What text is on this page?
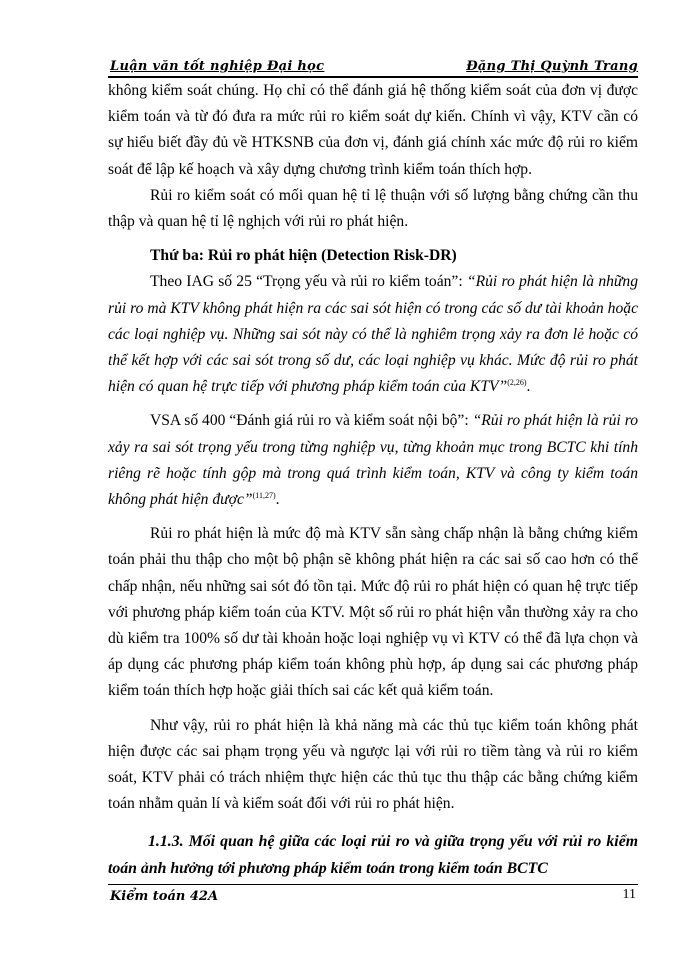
Luận văn tốt nghiệp Đại học	Đặng Thị Quỳnh Trang

không kiểm soát chúng. Họ chỉ có thể đánh giá hệ thống kiểm soát của đơn vị được kiểm toán và từ đó đưa ra mức rủi ro kiểm soát dự kiến. Chính vì vậy, KTV cần có sự hiểu biết đầy đủ về HTKSNB của đơn vị, đánh giá chính xác mức độ rủi ro kiểm soát để lập kế hoạch và xây dựng chương trình kiểm toán thích hợp.

Rủi ro kiểm soát có mối quan hệ tỉ lệ thuận với số lượng bằng chứng cần thu thập và quan hệ tỉ lệ nghịch với rủi ro phát hiện.

Thứ ba: Rủi ro phát hiện (Detection Risk-DR)

Theo IAG số 25 “Trọng yếu và rủi ro kiểm toán”: “Rủi ro phát hiện là những rủi ro mà KTV không phát hiện ra các sai sót hiện có trong các số dư tài khoản hoặc các loại nghiệp vụ. Những sai sót này có thể là nghiêm trọng xảy ra đơn lẻ hoặc có thể kết hợp với các sai sót trong số dư, các loại nghiệp vụ khác. Mức độ rủi ro phát hiện có quan hệ trực tiếp với phương pháp kiểm toán của KTV”$^{(2,26)}$.

VSA số 400 “Đánh giá rủi ro và kiểm soát nội bộ”: “Rủi ro phát hiện là rủi ro xảy ra sai sót trọng yếu trong từng nghiệp vụ, từng khoản mục trong BCTC khi tính riêng rẽ hoặc tính gộp mà trong quá trình kiểm toán, KTV và công ty kiểm toán không phát hiện được”$^{(11,27)}$.

Rủi ro phát hiện là mức độ mà KTV sẵn sàng chấp nhận là bằng chứng kiểm toán phải thu thập cho một bộ phận sẽ không phát hiện ra các sai số cao hơn có thể chấp nhận, nếu những sai sót đó tồn tại. Mức độ rủi ro phát hiện có quan hệ trực tiếp với phương pháp kiểm toán của KTV. Một số rủi ro phát hiện vẫn thường xảy ra cho dù kiểm tra 100% số dư tài khoản hoặc loại nghiệp vụ vì KTV có thể đã lựa chọn và áp dụng các phương pháp kiểm toán không phù hợp, áp dụng sai các phương pháp kiểm toán thích hợp hoặc giải thích sai các kết quả kiểm toán.

Như vậy, rủi ro phát hiện là khả năng mà các thủ tục kiểm toán không phát hiện được các sai phạm trọng yếu và ngược lại với rủi ro tiềm tàng và rủi ro kiểm soát, KTV phải có trách nhiệm thực hiện các thủ tục thu thập các bằng chứng kiểm toán nhằm quản lí và kiểm soát đối với rủi ro phát hiện.

1.1.3. Mối quan hệ giữa các loại rủi ro và giữa trọng yếu với rủi ro kiểm toán ảnh hưởng tới phương pháp kiểm toán trong kiểm toán BCTC

Kiểm toán 42A	11
